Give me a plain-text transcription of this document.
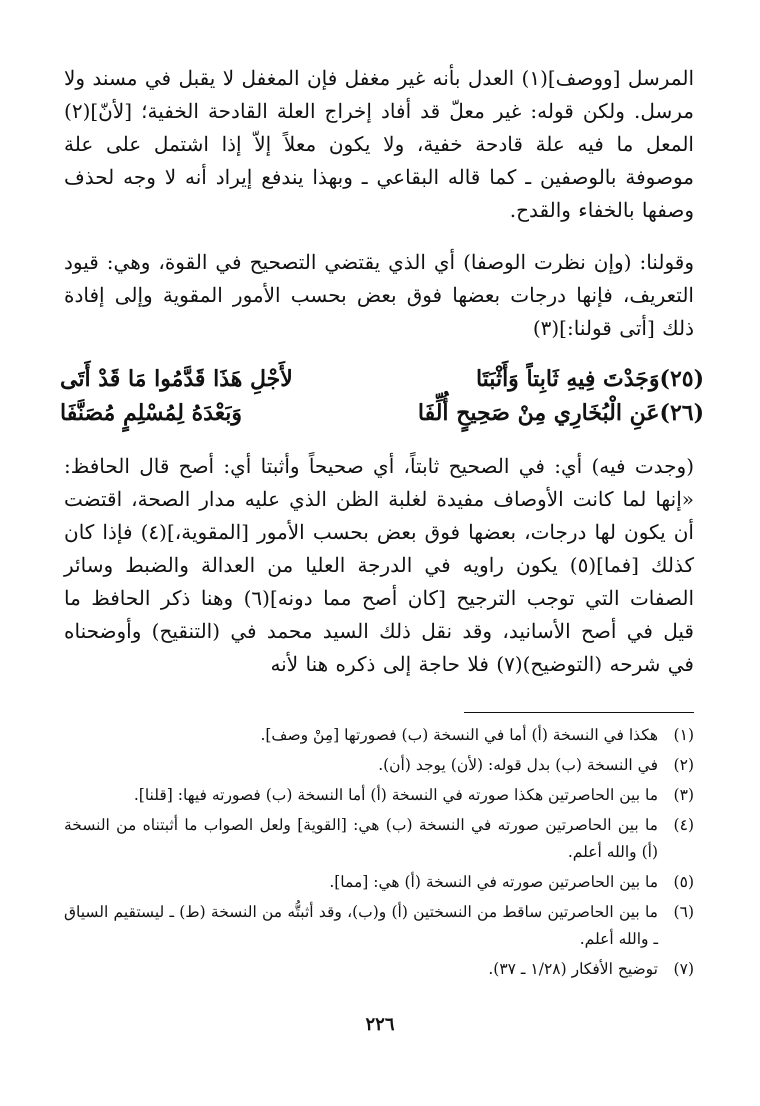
المرسل [ووصف](١) العدل بأنه غير مغفل فإن المغفل لا يقبل في مسند ولا مرسل. ولكن قوله: غير معلّ قد أفاد إخراج العلة القادحة الخفية؛ [لأنّ](٢) المعل ما فيه علة قادحة خفية، ولا يكون معلاً إلاّ إذا اشتمل على علة موصوفة بالوصفين ـ كما قاله البقاعي ـ وبهذا يندفع إيراد أنه لا وجه لحذف وصفها بالخفاء والقدح.

وقولنا: (وإن نظرت الوصفا) أي الذي يقتضي التصحيح في القوة، وهي: قيود التعريف، فإنها درجات بعضها فوق بعض بحسب الأمور المقوية وإلى إفادة ذلك [أتى قولنا:](٣)

(٢٥)وَجَدْتَ فِيهِ ثَابِتاً وَأَثْبَتَا
لأَجْلِ هَذَا قَدَّمُوا مَا قَدْ أَتَى
(٢٦)عَنِ الْبُخَارِي مِنْ صَحِيحٍ أُلِّفَا
وَبَعْدَهُ لِمُسْلِمٍ مُصَنَّفَا

(وجدت فيه) أي: في الصحيح ثابتاً، أي صحيحاً وأثبتا أي: أصح قال الحافظ: «إنها لما كانت الأوصاف مفيدة لغلبة الظن الذي عليه مدار الصحة، اقتضت أن يكون لها درجات، بعضها فوق بعض بحسب الأمور [المقوية،](٤) فإذا كان كذلك [فما](٥) يكون راويه في الدرجة العليا من العدالة والضبط وسائر الصفات التي توجب الترجيح [كان أصح مما دونه](٦) وهنا ذكر الحافظ ما قيل في أصح الأسانيد، وقد نقل ذلك السيد محمد في (التنقيح) وأوضحناه في شرحه (التوضيح)(٧) فلا حاجة إلى ذكره هنا لأنه

(١)
هكذا في النسخة (أ) أما في النسخة (ب) فصورتها [مِنْ وصف].
(٢)
في النسخة (ب) بدل قوله: (لأن) يوجد (أن).
(٣)
ما بين الحاصرتين هكذا صورته في النسخة (أ) أما النسخة (ب) فصورته فيها: [قلنا].
(٤)
ما بين الحاصرتين صورته في النسخة (ب) هي: [القوية] ولعل الصواب ما أثبتناه من النسخة (أ) والله أعلم.
(٥)
ما بين الحاصرتين صورته في النسخة (أ) هي: [مما].
(٦)
ما بين الحاصرتين ساقط من النسختين (أ) و(ب)، وقد أثبتُّه من النسخة (ط) ـ ليستقيم السياق ـ والله أعلم.
(٧)
توضيح الأفكار (١/٢٨ ـ ٣٧).
٢٢٦
